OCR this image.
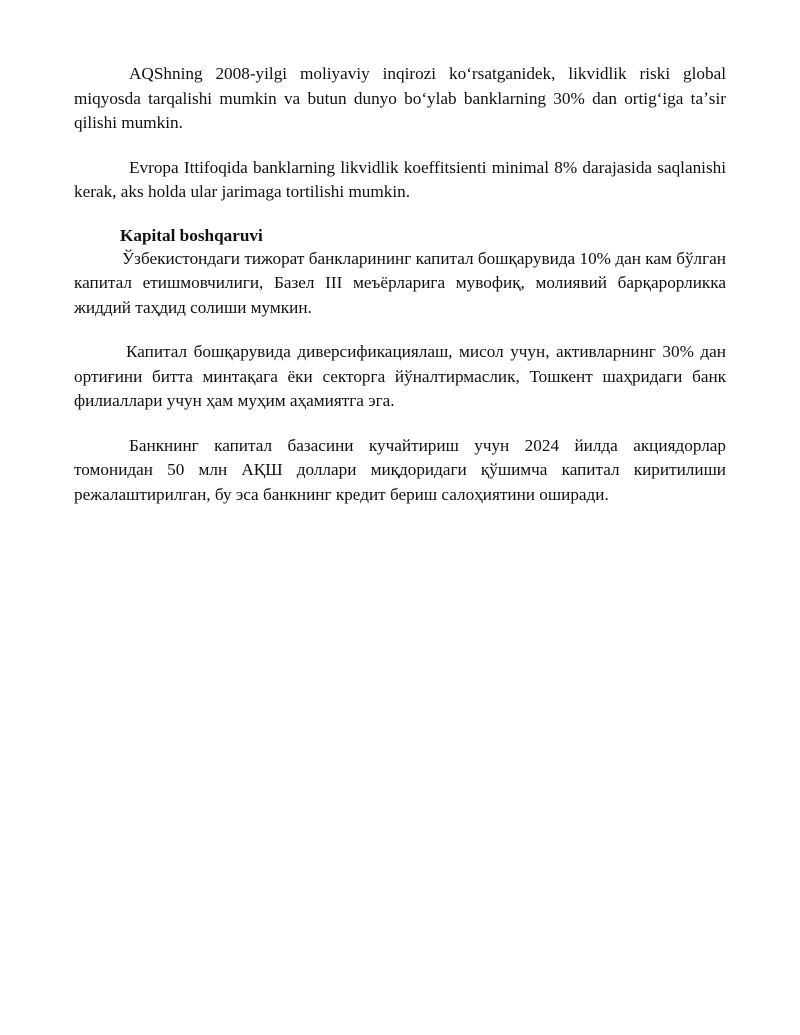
AQShning 2008-yilgi moliyaviy inqirozi koʻrsatganidek, likvidlik riski global miqyosda tarqalishi mumkin va butun dunyo boʻylab banklarning 30% dan ortigʻiga taʼsir qilishi mumkin.

Evropa Ittifoqida banklarning likvidlik koeffitsienti minimal 8% darajasida saqlanishi kerak, aks holda ular jarimaga tortilishi mumkin.

Kapital boshqaruvi

Ўзбекистондаги тижорат банкларининг капитал бошқарувида 10% дан кам бўлган капитал етишмовчилиги, Базел III меъёрларига мувофиқ, молиявий барқарорликка жиддий таҳдид солиши мумкин.

Капитал бошқарувида диверсификациялаш, мисол учун, активларнинг 30% дан ортиғини битта минтақага ёки секторга йўналтирмаслик, Тошкент шаҳридаги банк филиаллари учун ҳам муҳим аҳамиятга эга.

Банкнинг капитал базасини кучайтириш учун 2024 йилда акциядорлар томонидан 50 млн АҚШ доллари миқдоридаги қўшимча капитал киритилиши режалаштирилган, бу эса банкнинг кредит бериш салоҳиятини оширади.
